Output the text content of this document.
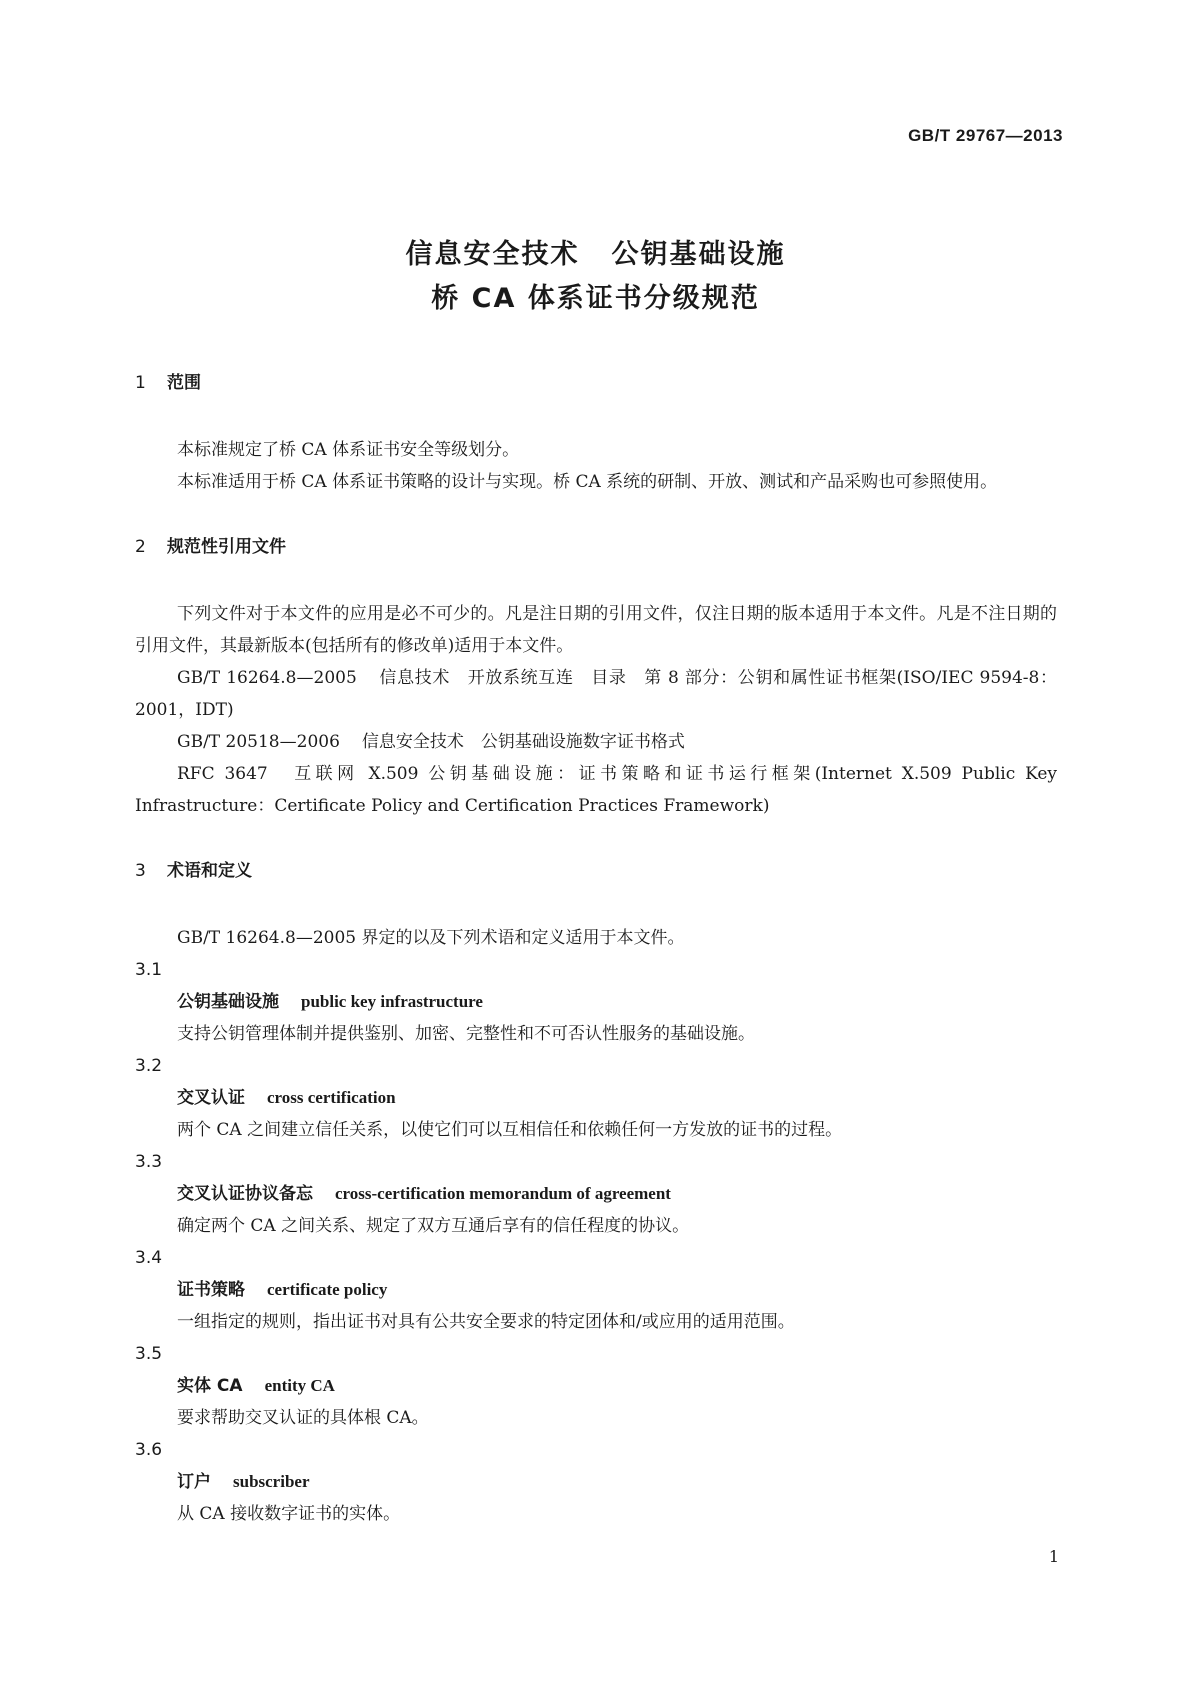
GB/T 29767—2013
信息安全技术 公钥基础设施
桥 CA 体系证书分级规范
1 范围

本标准规定了桥 CA 体系证书安全等级划分。

本标准适用于桥 CA 体系证书策略的设计与实现。桥 CA 系统的研制、开放、测试和产品采购也可参照使用。

2 规范性引用文件

下列文件对于本文件的应用是必不可少的。凡是注日期的引用文件，仅注日期的版本适用于本文件。凡是不注日期的引用文件，其最新版本(包括所有的修改单)适用于本文件。

GB/T 16264.8—2005 信息技术　开放系统互连　目录　第 8 部分：公钥和属性证书框架(ISO/IEC 9594-8：2001，IDT)

GB/T 20518—2006 信息安全技术　公钥基础设施数字证书格式

RFC 3647 互联网 X.509 公钥基础设施：证书策略和证书运行框架(Internet X.509 Public Key Infrastructure：Certificate Policy and Certification Practices Framework)

3 术语和定义

GB/T 16264.8—2005 界定的以及下列术语和定义适用于本文件。

3.1
公钥基础设施 public key infrastructure
支持公钥管理体制并提供鉴别、加密、完整性和不可否认性服务的基础设施。
3.2
交叉认证 cross certification
两个 CA 之间建立信任关系，以使它们可以互相信任和依赖任何一方发放的证书的过程。
3.3
交叉认证协议备忘 cross-certification memorandum of agreement
确定两个 CA 之间关系、规定了双方互通后享有的信任程度的协议。
3.4
证书策略 certificate policy
一组指定的规则，指出证书对具有公共安全要求的特定团体和/或应用的适用范围。
3.5
实体 CA entity CA
要求帮助交叉认证的具体根 CA。
3.6
订户 subscriber
从 CA 接收数字证书的实体。
1
